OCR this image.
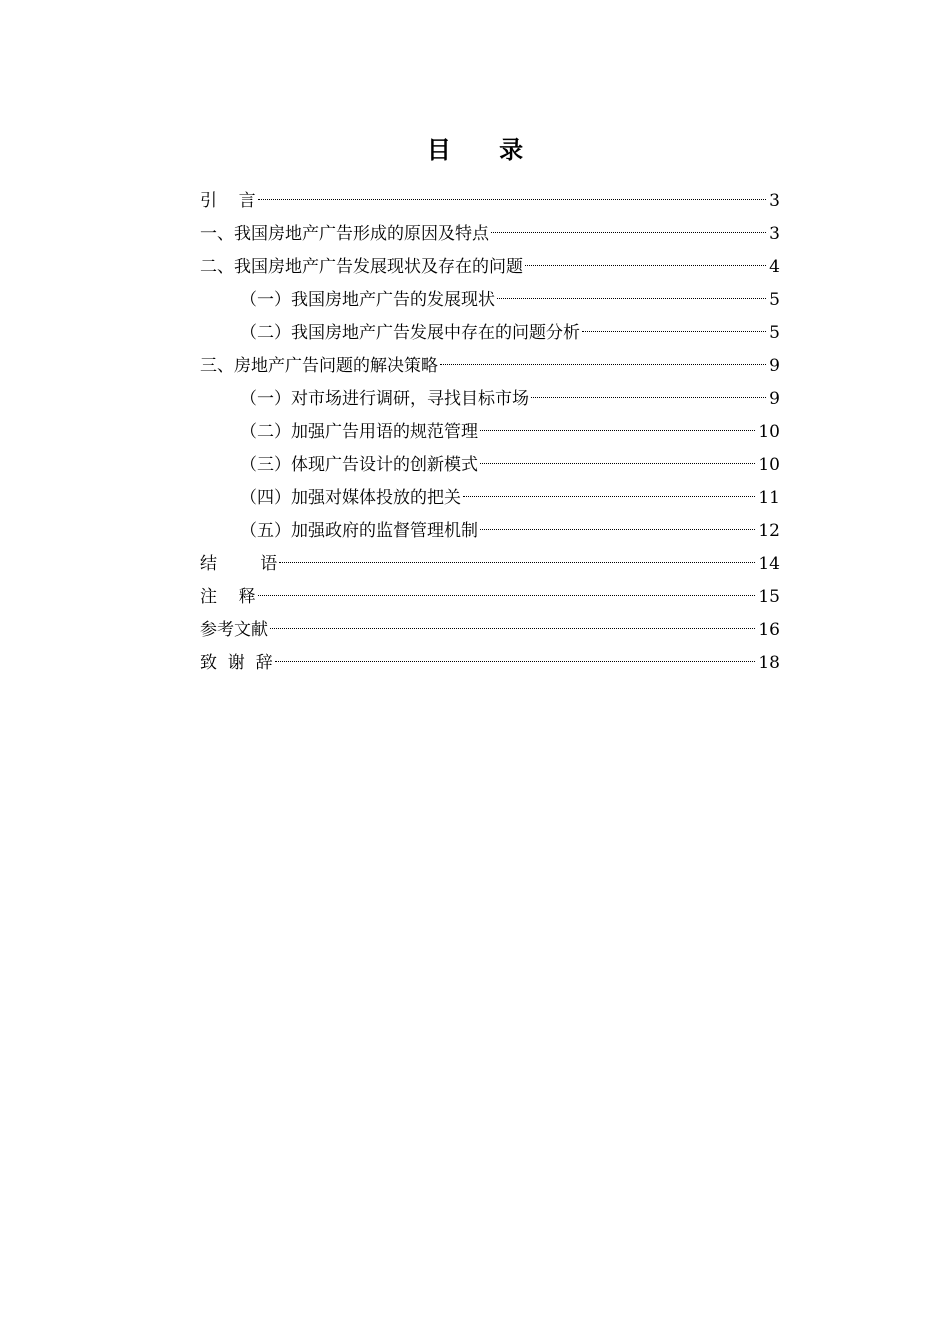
目 录
引    言	3
一、我国房地产广告形成的原因及特点	3
二、我国房地产广告发展现状及存在的问题	4
（一）我国房地产广告的发展现状	5
（二）我国房地产广告发展中存在的问题分析	5
三、房地产广告问题的解决策略	9
（一）对市场进行调研，寻找目标市场	9
（二）加强广告用语的规范管理	10
（三）体现广告设计的创新模式	10
（四）加强对媒体投放的把关	11
（五）加强政府的监督管理机制	12
结        语	14
注    释	15
参考文献	16
致  谢  辞	18
